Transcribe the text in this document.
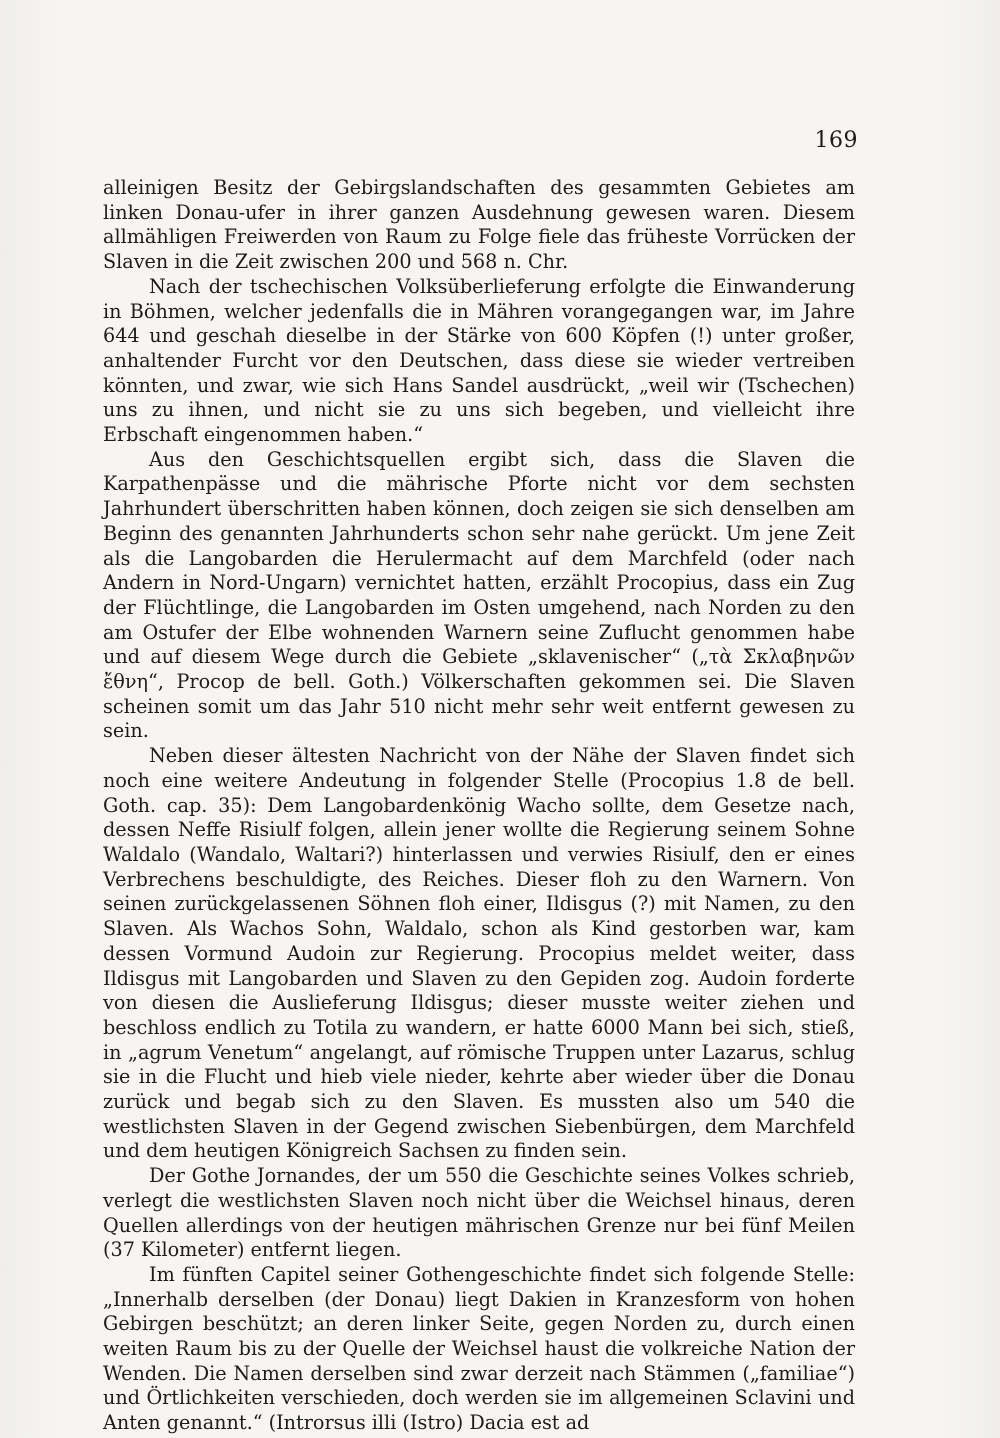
169

alleinigen Besitz der Gebirgslandschaften des gesammten Gebietes am linken Donau-ufer in ihrer ganzen Ausdehnung gewesen waren. Diesem allmähligen Freiwerden von Raum zu Folge fiele das früheste Vorrücken der Slaven in die Zeit zwischen 200 und 568 n. Chr.

Nach der tschechischen Volksüberlieferung erfolgte die Einwanderung in Böhmen, welcher jedenfalls die in Mähren vorangegangen war, im Jahre 644 und geschah dieselbe in der Stärke von 600 Köpfen (!) unter großer, anhaltender Furcht vor den Deutschen, dass diese sie wieder vertreiben könnten, und zwar, wie sich Hans Sandel ausdrückt, „weil wir (Tschechen) uns zu ihnen, und nicht sie zu uns sich begeben, und vielleicht ihre Erbschaft eingenommen haben.“

Aus den Geschichtsquellen ergibt sich, dass die Slaven die Karpathenpässe und die mährische Pforte nicht vor dem sechsten Jahrhundert überschritten haben können, doch zeigen sie sich denselben am Beginn des genannten Jahrhunderts schon sehr nahe gerückt. Um jene Zeit als die Langobarden die Herulermacht auf dem Marchfeld (oder nach Andern in Nord-Ungarn) vernichtet hatten, erzählt Procopius, dass ein Zug der Flüchtlinge, die Langobarden im Osten umgehend, nach Norden zu den am Ostufer der Elbe wohnenden Warnern seine Zuflucht genommen habe und auf diesem Wege durch die Gebiete „sklavenischer“ („τὰ Σκλαβηνῶν ἔθνη“, Procop de bell. Goth.) Völkerschaften gekommen sei. Die Slaven scheinen somit um das Jahr 510 nicht mehr sehr weit entfernt gewesen zu sein.

Neben dieser ältesten Nachricht von der Nähe der Slaven findet sich noch eine weitere Andeutung in folgender Stelle (Procopius 1.8 de bell. Goth. cap. 35): Dem Langobardenkönig Wacho sollte, dem Gesetze nach, dessen Neffe Risiulf folgen, allein jener wollte die Regierung seinem Sohne Waldalo (Wandalo, Waltari?) hinterlassen und verwies Risiulf, den er eines Verbrechens beschuldigte, des Reiches. Dieser floh zu den Warnern. Von seinen zurückgelassenen Söhnen floh einer, Ildisgus (?) mit Namen, zu den Slaven. Als Wachos Sohn, Waldalo, schon als Kind gestorben war, kam dessen Vormund Audoin zur Regierung. Procopius meldet weiter, dass Ildisgus mit Langobarden und Slaven zu den Gepiden zog. Audoin forderte von diesen die Auslieferung Ildisgus; dieser musste weiter ziehen und beschloss endlich zu Totila zu wandern, er hatte 6000 Mann bei sich, stieß, in „agrum Venetum“ angelangt, auf römische Truppen unter Lazarus, schlug sie in die Flucht und hieb viele nieder, kehrte aber wieder über die Donau zurück und begab sich zu den Slaven. Es mussten also um 540 die westlichsten Slaven in der Gegend zwischen Siebenbürgen, dem Marchfeld und dem heutigen Königreich Sachsen zu finden sein.

Der Gothe Jornandes, der um 550 die Geschichte seines Volkes schrieb, verlegt die westlichsten Slaven noch nicht über die Weichsel hinaus, deren Quellen allerdings von der heutigen mährischen Grenze nur bei fünf Meilen (37 Kilometer) entfernt liegen.

Im fünften Capitel seiner Gothengeschichte findet sich folgende Stelle: „Innerhalb derselben (der Donau) liegt Dakien in Kranzesform von hohen Gebirgen beschützt; an deren linker Seite, gegen Norden zu, durch einen weiten Raum bis zu der Quelle der Weichsel haust die volkreiche Nation der Wenden. Die Namen derselben sind zwar derzeit nach Stämmen („familiae“) und Örtlichkeiten verschieden, doch werden sie im allgemeinen Sclavini und Anten genannt.“ (Introrsus illi (Istro) Dacia est ad
